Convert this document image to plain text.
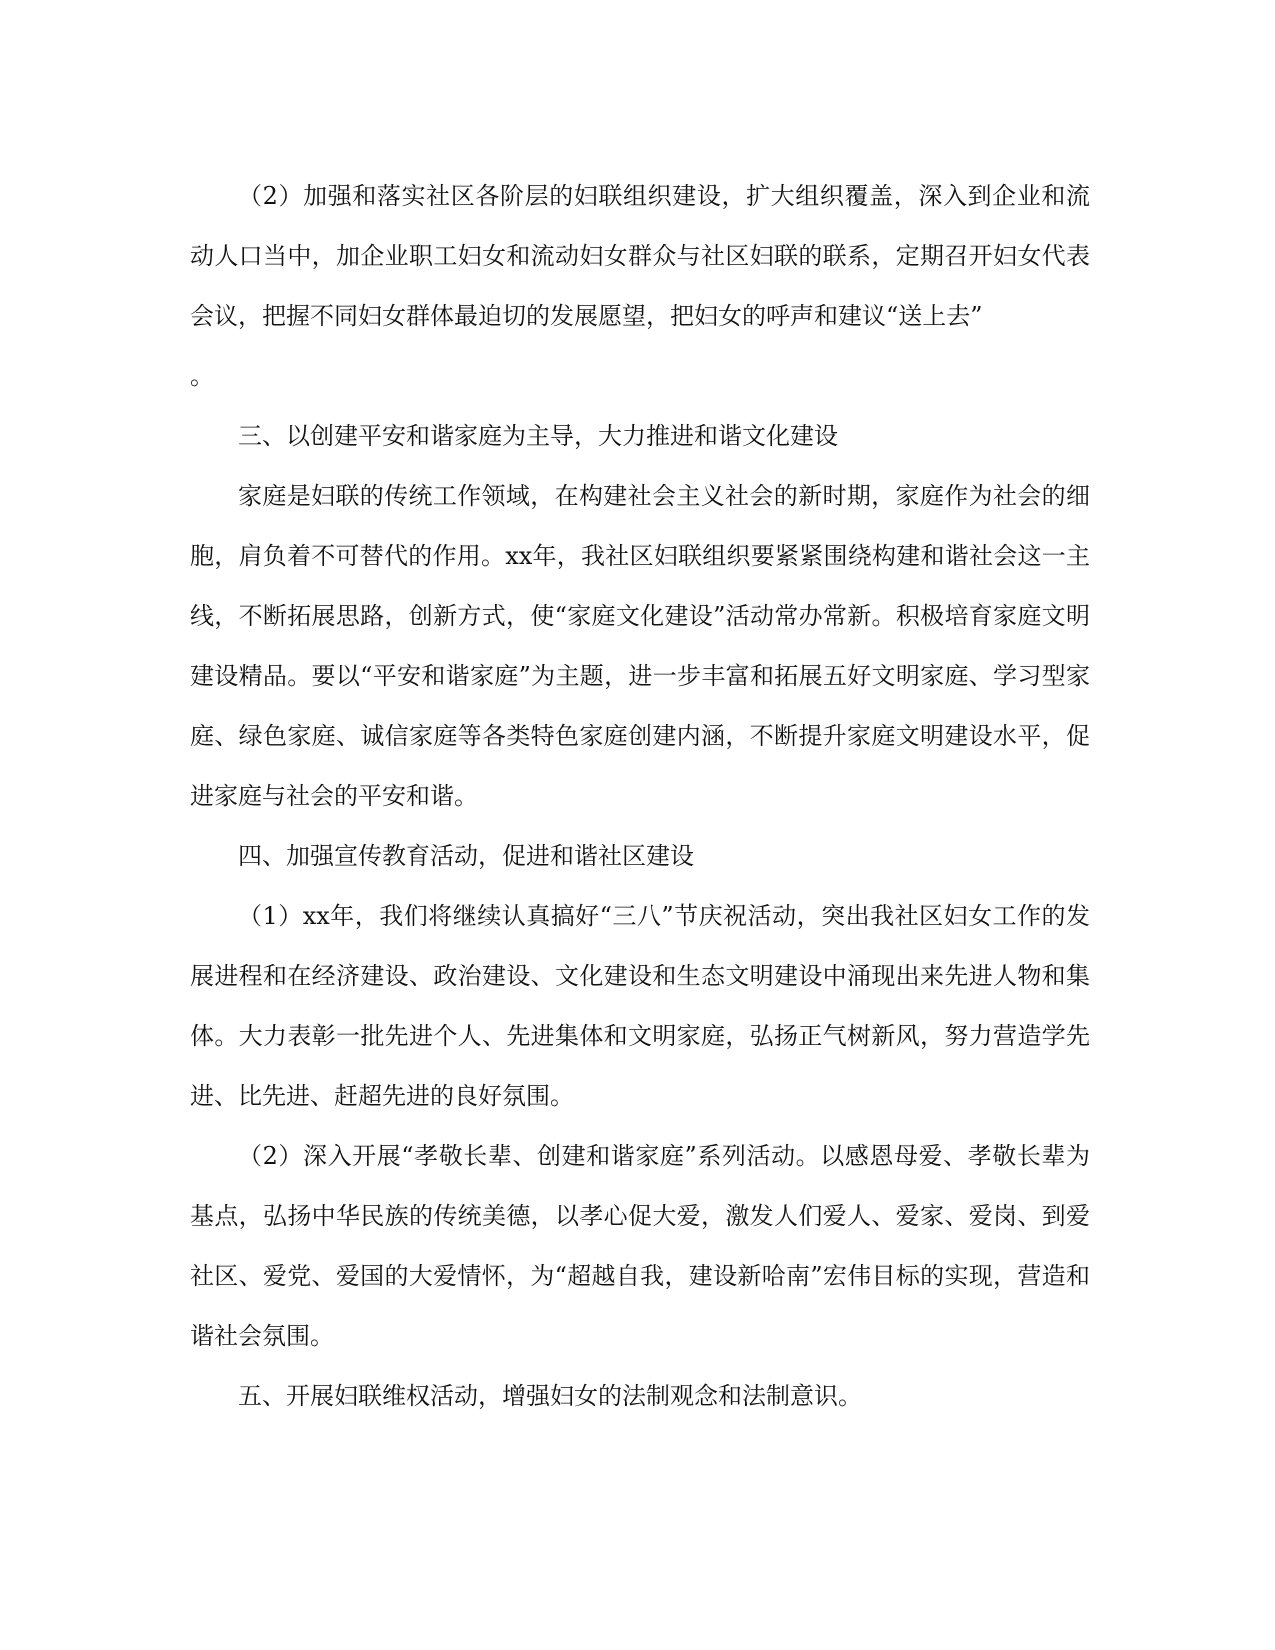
（2）加强和落实社区各阶层的妇联组织建设，扩大组织覆盖，深入到企业和流动人口当中，加企业职工妇女和流动妇女群众与社区妇联的联系，定期召开妇女代表会议，把握不同妇女群体最迫切的发展愿望，把妇女的呼声和建议“送上去”

。

三、以创建平安和谐家庭为主导，大力推进和谐文化建设

家庭是妇联的传统工作领域，在构建社会主义社会的新时期，家庭作为社会的细胞，肩负着不可替代的作用。xx年，我社区妇联组织要紧紧围绕构建和谐社会这一主线，不断拓展思路，创新方式，使“家庭文化建设”活动常办常新。积极培育家庭文明建设精品。要以“平安和谐家庭”为主题，进一步丰富和拓展五好文明家庭、学习型家庭、绿色家庭、诚信家庭等各类特色家庭创建内涵，不断提升家庭文明建设水平，促进家庭与社会的平安和谐。

四、加强宣传教育活动，促进和谐社区建设

（1）xx年，我们将继续认真搞好“三八”节庆祝活动，突出我社区妇女工作的发展进程和在经济建设、政治建设、文化建设和生态文明建设中涌现出来先进人物和集体。大力表彰一批先进个人、先进集体和文明家庭，弘扬正气树新风，努力营造学先进、比先进、赶超先进的良好氛围。

（2）深入开展“孝敬长辈、创建和谐家庭”系列活动。以感恩母爱、孝敬长辈为基点，弘扬中华民族的传统美德，以孝心促大爱，激发人们爱人、爱家、爱岗、到爱社区、爱党、爱国的大爱情怀，为“超越自我，建设新哈南”宏伟目标的实现，营造和谐社会氛围。

五、开展妇联维权活动，增强妇女的法制观念和法制意识。
